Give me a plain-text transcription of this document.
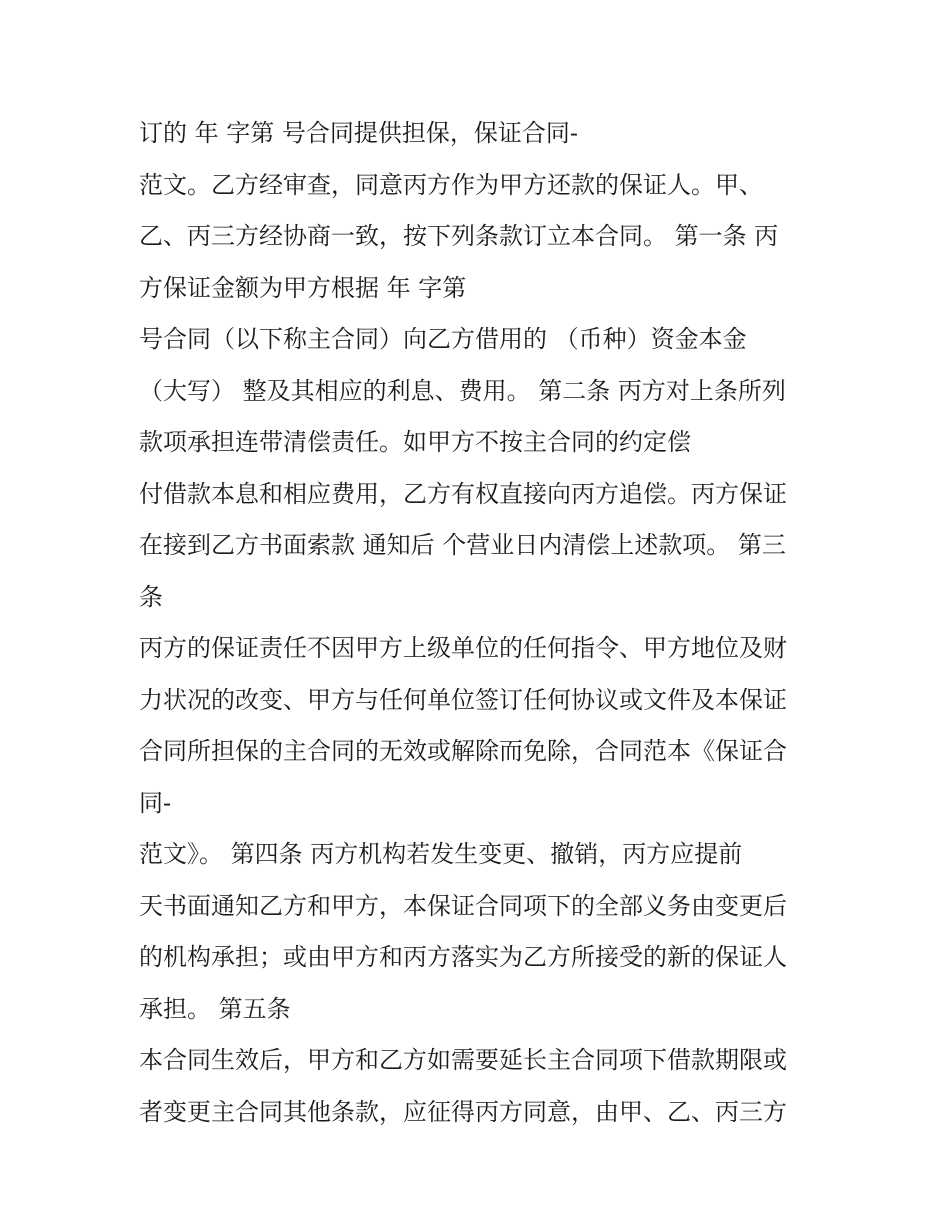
订的 年 字第 号合同提供担保，保证合同-
范文。乙方经审查，同意丙方作为甲方还款的保证人。甲、
乙、丙三方经协商一致，按下列条款订立本合同。 第一条 丙
方保证金额为甲方根据 年 字第
号合同（以下称主合同）向乙方借用的 （币种）资金本金
（大写） 整及其相应的利息、费用。 第二条 丙方对上条所列
款项承担连带清偿责任。如甲方不按主合同的约定偿
付借款本息和相应费用，乙方有权直接向丙方追偿。丙方保证
在接到乙方书面索款 通知后 个营业日内清偿上述款项。 第三
条
丙方的保证责任不因甲方上级单位的任何指令、甲方地位及财
力状况的改变、甲方与任何单位签订任何协议或文件及本保证
合同所担保的主合同的无效或解除而免除，合同范本《保证合
同-
范文》。 第四条 丙方机构若发生变更、撤销，丙方应提前
天书面通知乙方和甲方，本保证合同项下的全部义务由变更后
的机构承担；或由甲方和丙方落实为乙方所接受的新的保证人
承担。 第五条
本合同生效后，甲方和乙方如需要延长主合同项下借款期限或
者变更主合同其他条款，应征得丙方同意，由甲、乙、丙三方
